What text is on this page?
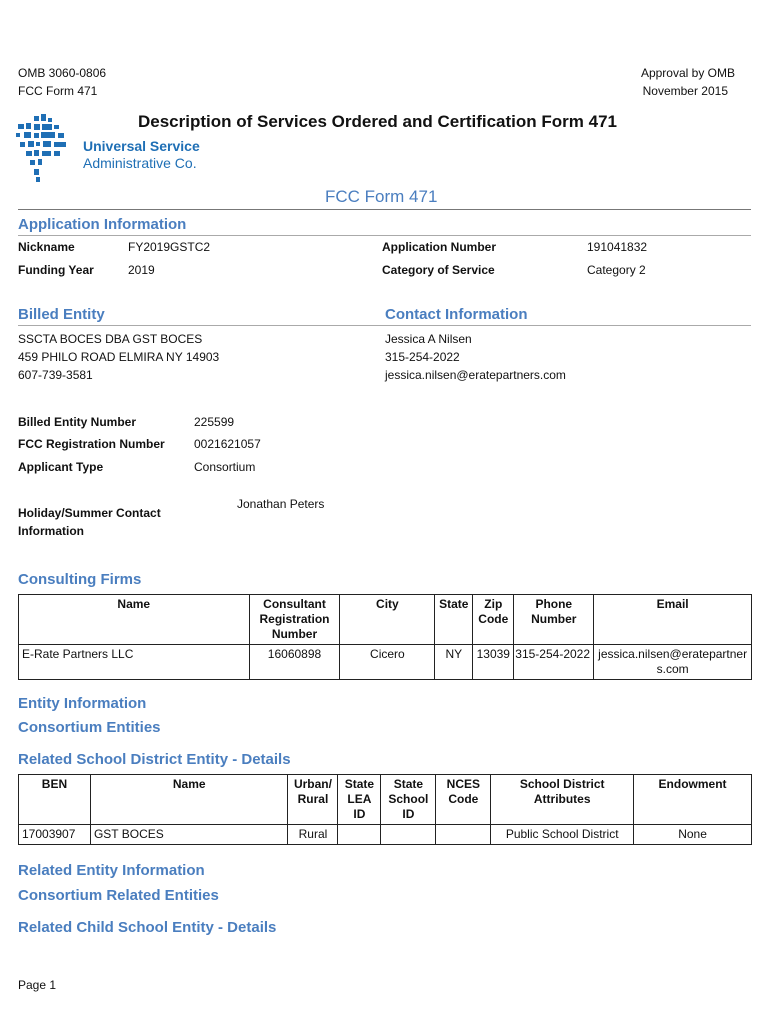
OMB 3060-0806
FCC Form 471
Approval by OMB
November 2015
Description of Services Ordered and Certification Form 471
Universal Service
Administrative Co.
FCC Form 471
Application Information
Nickname	FY2019GSTC2	Application Number	191041832
Funding Year	2019	Category of Service	Category 2
Billed Entity	Contact Information
SSCTA BOCES DBA GST BOCES
459 PHILO ROAD ELMIRA NY 14903
607-739-3581
Jessica A Nilsen
315-254-2022
jessica.nilsen@eratepartners.com
Billed Entity Number	225599
FCC Registration Number 0021621057
Applicant Type	Consortium
Holiday/Summer Contact
Information
Jonathan Peters
Consulting Firms
Name	Consultant Registration Number	City	State	Zip Code	Phone Number	Email
E-Rate Partners LLC	16060898	Cicero	NY	13039	315-254-2022	jessica.nilsen@eratepartners.com
Entity Information
Consortium Entities
Related School District Entity - Details
BEN	Name	Urban/ Rural	State LEA ID	State School ID	NCES Code	School District Attributes	Endowment
17003907	GST BOCES	Rural				Public School District	None
Related Entity Information
Consortium Related Entities
Related Child School Entity - Details
Page 1
